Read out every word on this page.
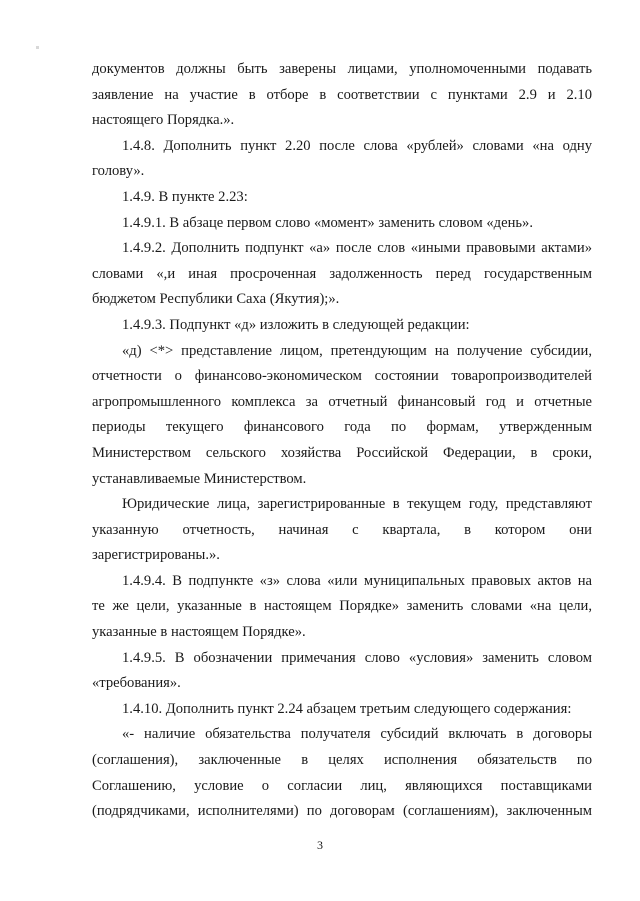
документов должны быть заверены лицами, уполномоченными подавать
заявление на участие в отборе в соответствии с пунктами 2.9 и 2.10
настоящего Порядка.».
1.4.8. Дополнить пункт 2.20 после слова «рублей» словами «на одну
голову».
1.4.9. В пункте 2.23:
1.4.9.1. В абзаце первом слово «момент» заменить словом «день».
1.4.9.2. Дополнить подпункт «а» после слов «иными правовыми актами»
словами «,и иная просроченная задолженность перед государственным
бюджетом Республики Саха (Якутия);».
1.4.9.3. Подпункт «д» изложить в следующей редакции:
«д) <*> представление лицом, претендующим на получение субсидии,
отчетности о финансово-экономическом состоянии товаропроизводителей
агропромышленного комплекса за отчетный финансовый год и отчетные
периоды текущего финансового года по формам, утвержденным
Министерством сельского хозяйства Российской Федерации, в сроки,
устанавливаемые Министерством.
Юридические лица, зарегистрированные в текущем году, представляют
указанную отчетность, начиная с квартала, в котором они
зарегистрированы.».
1.4.9.4. В подпункте «з» слова «или муниципальных правовых актов на
те же цели, указанные в настоящем Порядке» заменить словами «на цели,
указанные в настоящем Порядке».
1.4.9.5. В обозначении примечания слово «условия» заменить словом
«требования».
1.4.10. Дополнить пункт 2.24 абзацем третьим следующего содержания:
«- наличие обязательства получателя субсидий включать в договоры
(соглашения), заключенные в целях исполнения обязательств по
Соглашению, условие о согласии лиц, являющихся поставщиками
(подрядчиками, исполнителями) по договорам (соглашениям), заключенным
3
